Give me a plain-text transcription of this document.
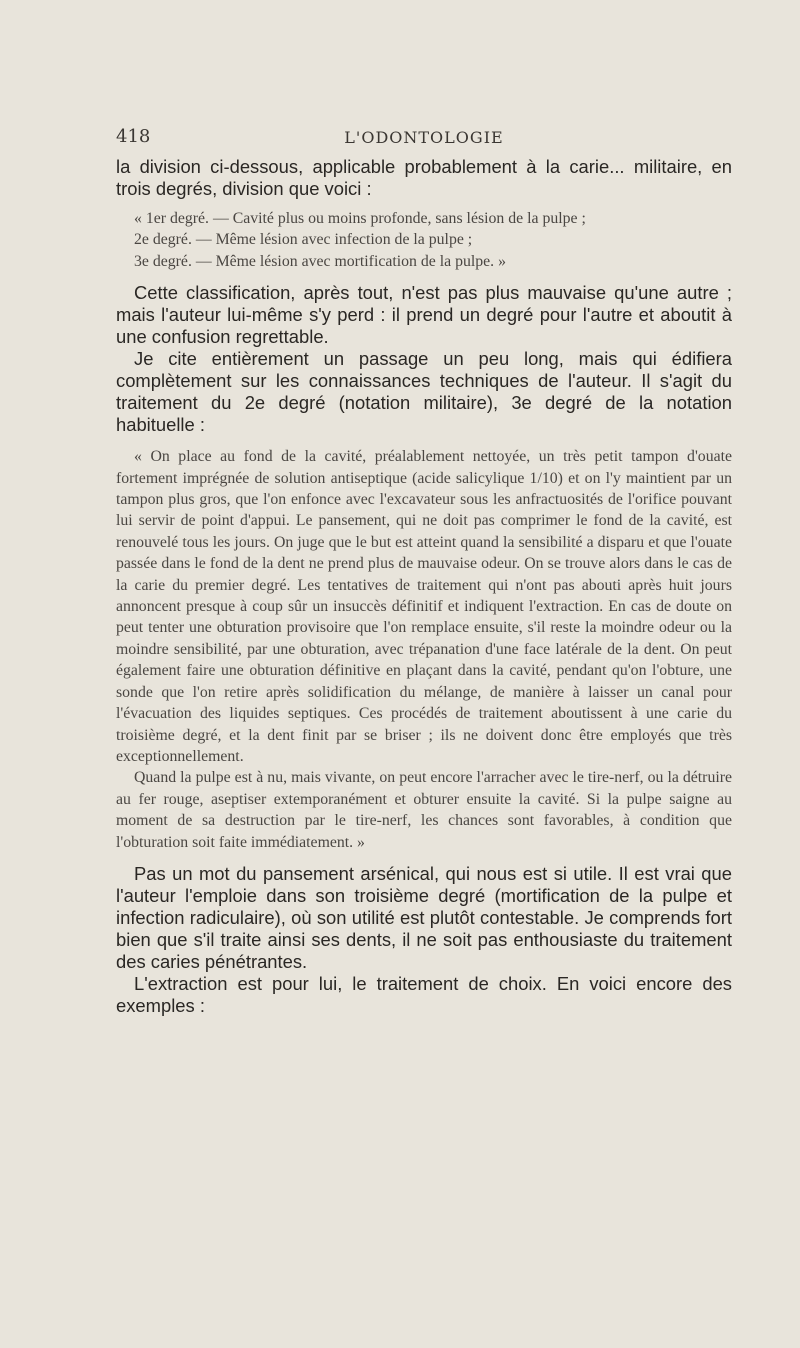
418	L'ODONTOLOGIE

la division ci-dessous, applicable probablement à la carie... militaire, en trois degrés, division que voici :

« 1er degré. — Cavité plus ou moins profonde, sans lésion de la pulpe ;

2e degré. — Même lésion avec infection de la pulpe ;

3e degré. — Même lésion avec mortification de la pulpe. »

Cette classification, après tout, n'est pas plus mauvaise qu'une autre ; mais l'auteur lui-même s'y perd : il prend un degré pour l'autre et aboutit à une confusion regrettable.

Je cite entièrement un passage un peu long, mais qui édifiera complètement sur les connaissances techniques de l'auteur. Il s'agit du traitement du 2e degré (notation militaire), 3e degré de la notation habituelle :

« On place au fond de la cavité, préalablement nettoyée, un très petit tampon d'ouate fortement imprégnée de solution antiseptique (acide salicylique 1/10) et on l'y maintient par un tampon plus gros, que l'on enfonce avec l'excavateur sous les anfractuosités de l'orifice pouvant lui servir de point d'appui. Le pansement, qui ne doit pas comprimer le fond de la cavité, est renouvelé tous les jours. On juge que le but est atteint quand la sensibilité a disparu et que l'ouate passée dans le fond de la dent ne prend plus de mauvaise odeur. On se trouve alors dans le cas de la carie du premier degré. Les tentatives de traitement qui n'ont pas abouti après huit jours annoncent presque à coup sûr un insuccès définitif et indiquent l'extraction. En cas de doute on peut tenter une obturation provisoire que l'on remplace ensuite, s'il reste la moindre odeur ou la moindre sensibilité, par une obturation, avec trépanation d'une face latérale de la dent. On peut également faire une obturation définitive en plaçant dans la cavité, pendant qu'on l'obture, une sonde que l'on retire après solidification du mélange, de manière à laisser un canal pour l'évacuation des liquides septiques. Ces procédés de traitement aboutissent à une carie du troisième degré, et la dent finit par se briser ; ils ne doivent donc être employés que très exceptionnellement.

Quand la pulpe est à nu, mais vivante, on peut encore l'arracher avec le tire-nerf, ou la détruire au fer rouge, aseptiser extemporanément et obturer ensuite la cavité. Si la pulpe saigne au moment de sa destruction par le tire-nerf, les chances sont favorables, à condition que l'obturation soit faite immédiatement. »

Pas un mot du pansement arsénical, qui nous est si utile. Il est vrai que l'auteur l'emploie dans son troisième degré (mortification de la pulpe et infection radiculaire), où son utilité est plutôt contestable. Je comprends fort bien que s'il traite ainsi ses dents, il ne soit pas enthousiaste du traitement des caries pénétrantes.

L'extraction est pour lui, le traitement de choix. En voici encore des exemples :
